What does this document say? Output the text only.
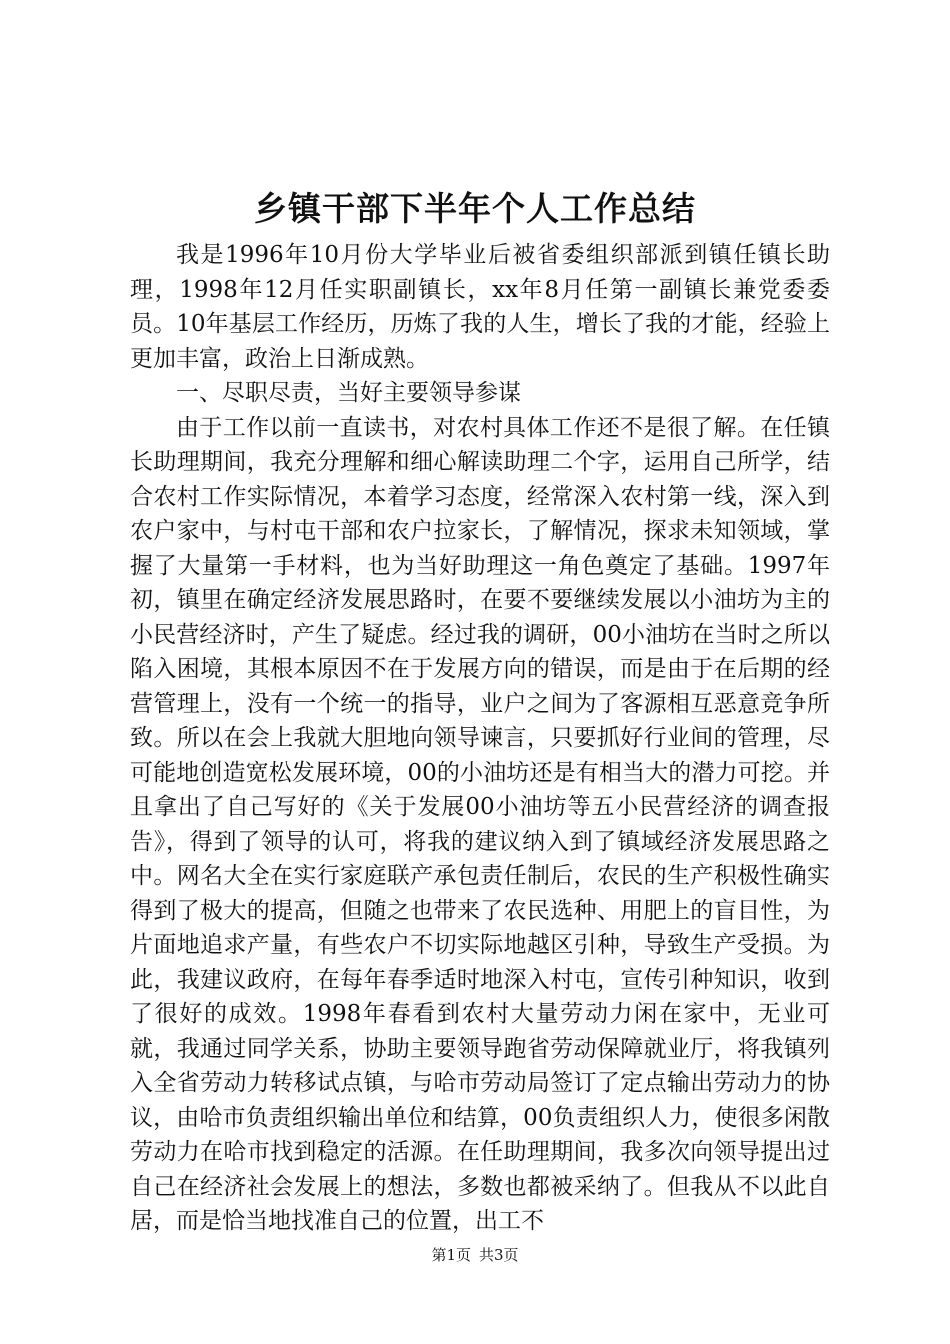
乡镇干部下半年个人工作总结

我是1996年10月份大学毕业后被省委组织部派到镇任镇长助理，1998年12月任实职副镇长，xx年8月任第一副镇长兼党委委员。10年基层工作经历，历炼了我的人生，增长了我的才能，经验上更加丰富，政治上日渐成熟。

一、尽职尽责，当好主要领导参谋

由于工作以前一直读书，对农村具体工作还不是很了解。在任镇长助理期间，我充分理解和细心解读助理二个字，运用自己所学，结合农村工作实际情况，本着学习态度，经常深入农村第一线，深入到农户家中，与村屯干部和农户拉家长，了解情况，探求未知领域，掌握了大量第一手材料，也为当好助理这一角色奠定了基础。1997年初，镇里在确定经济发展思路时，在要不要继续发展以小油坊为主的小民营经济时，产生了疑虑。经过我的调研，00小油坊在当时之所以陷入困境，其根本原因不在于发展方向的错误，而是由于在后期的经营管理上，没有一个统一的指导，业户之间为了客源相互恶意竞争所致。所以在会上我就大胆地向领导谏言，只要抓好行业间的管理，尽可能地创造宽松发展环境，00的小油坊还是有相当大的潜力可挖。并且拿出了自己写好的《关于发展00小油坊等五小民营经济的调查报告》，得到了领导的认可，将我的建议纳入到了镇域经济发展思路之中。网名大全在实行家庭联产承包责任制后，农民的生产积极性确实得到了极大的提高，但随之也带来了农民选种、用肥上的盲目性，为片面地追求产量，有些农户不切实际地越区引种，导致生产受损。为此，我建议政府，在每年春季适时地深入村屯，宣传引种知识，收到了很好的成效。1998年春看到农村大量劳动力闲在家中，无业可就，我通过同学关系，协助主要领导跑省劳动保障就业厅，将我镇列入全省劳动力转移试点镇，与哈市劳动局签订了定点输出劳动力的协议，由哈市负责组织输出单位和结算，00负责组织人力，使很多闲散劳动力在哈市找到稳定的活源。在任助理期间，我多次向领导提出过自己在经济社会发展上的想法，多数也都被采纳了。但我从不以此自居，而是恰当地找准自己的位置，出工不

第1页 共3页
